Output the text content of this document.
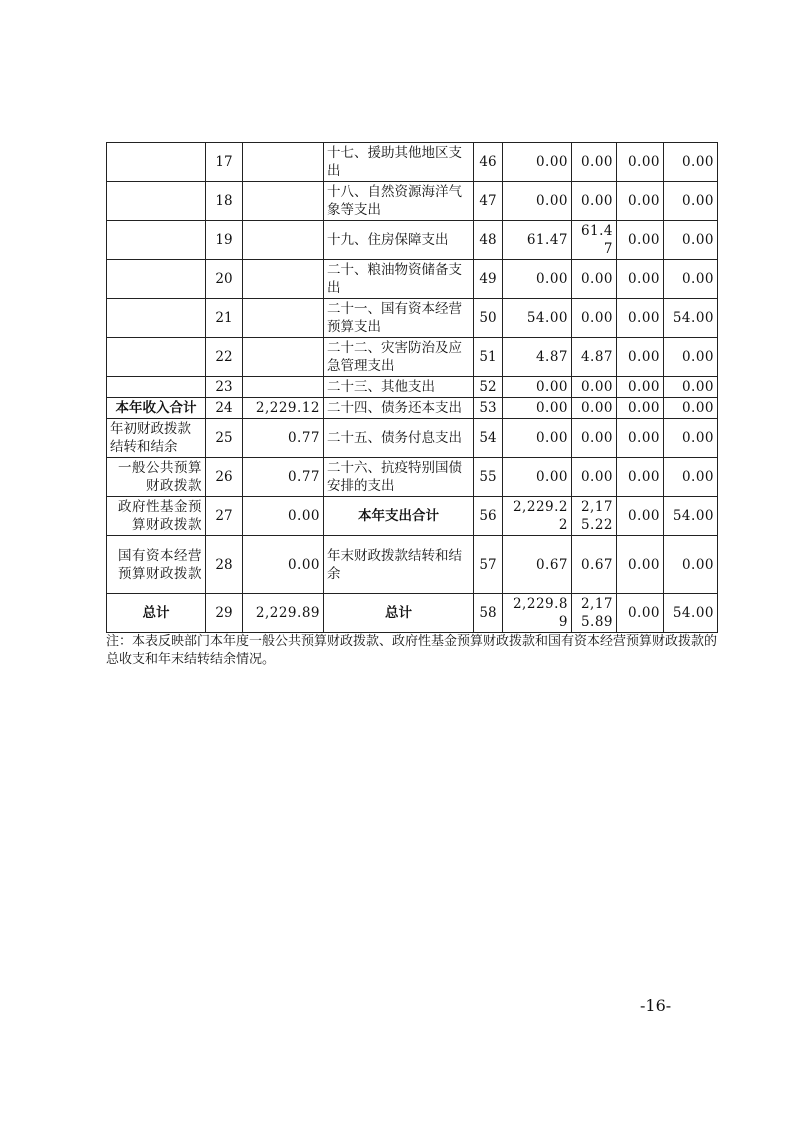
	17		十七、援助其他地区支出	46	0.00	0.00	0.00	0.00
	18		十八、自然资源海洋气象等支出	47	0.00	0.00	0.00	0.00
	19		十九、住房保障支出	48	61.47	61.47	0.00	0.00
	20		二十、粮油物资储备支出	49	0.00	0.00	0.00	0.00
	21		二十一、国有资本经营预算支出	50	54.00	0.00	0.00	54.00
	22		二十二、灾害防治及应急管理支出	51	4.87	4.87	0.00	0.00
	23		二十三、其他支出	52	0.00	0.00	0.00	0.00
本年收入合计	24	2,229.12	二十四、债务还本支出	53	0.00	0.00	0.00	0.00
年初财政拨款结转和结余	25	0.77	二十五、债务付息支出	54	0.00	0.00	0.00	0.00
一般公共预算财政拨款	26	0.77	二十六、抗疫特别国债安排的支出	55	0.00	0.00	0.00	0.00
政府性基金预算财政拨款	27	0.00	本年支出合计	56	2,229.22	2,175.22	0.00	54.00
国有资本经营预算财政拨款	28	0.00	年末财政拨款结转和结余	57	0.67	0.67	0.00	0.00
总计	29	2,229.89	总计	58	2,229.89	2,175.89	0.00	54.00
注：本表反映部门本年度一般公共预算财政拨款、政府性基金预算财政拨款和国有资本经营预算财政拨款的总收支和年末结转结余情况。
-16-
